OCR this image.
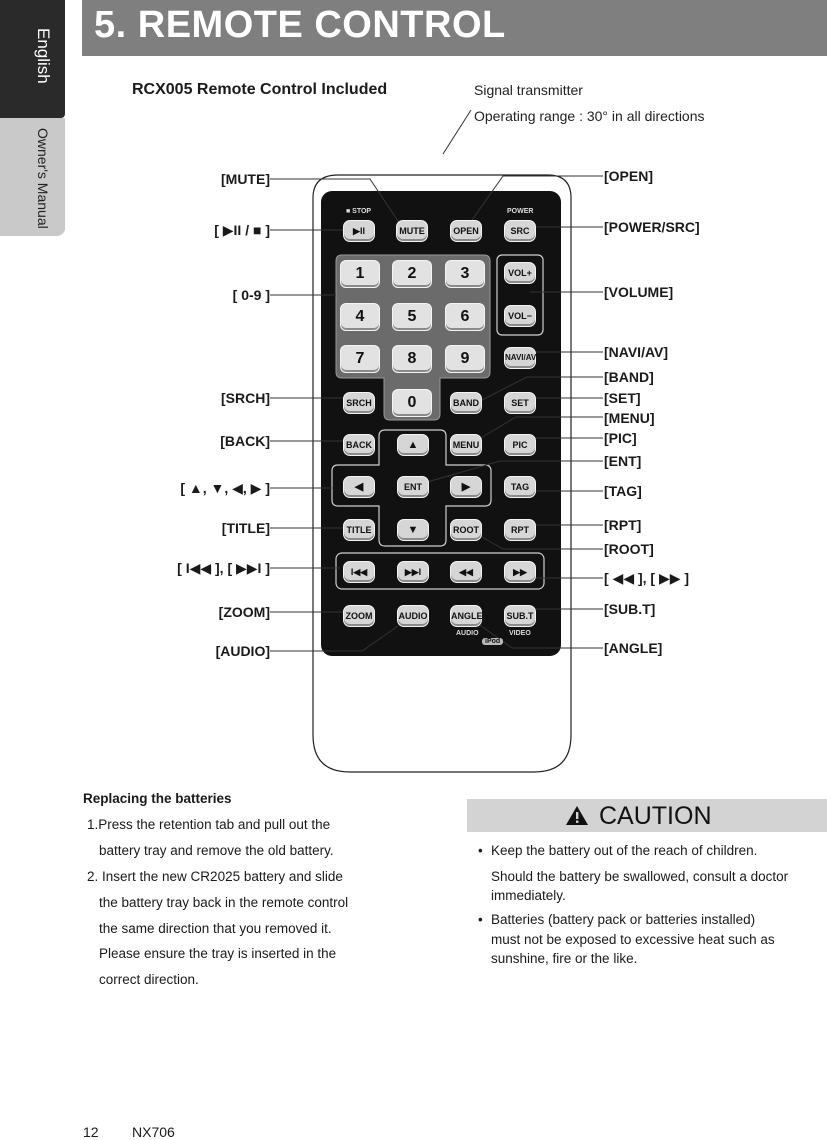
English
Owner's Manual
5. REMOTE CONTROL
RCX005 Remote Control Included	Signal transmitter
Operating range : 30° in all directions
■ STOP	POWER
▶II	MUTE	OPEN	SRC
1	2	3
4	5	6
7	8	9
0
VOL+
VOL−
NAVI/AV
SRCH	BAND	SET
BACK	▲	MENU	PIC
◀	ENT	▶	TAG
TITLE	▼	ROOT	RPT
I◀◀	▶▶I	◀◀	▶▶
ZOOM	AUDIO	ANGLE	SUB.T
AUDIO	VIDEO
iPod
[MUTE]
[ ▶II / ■ ]
[ 0-9 ]
[SRCH]
[BACK]
[ ▲, ▼, ◀, ▶ ]
[TITLE]
[ I◀◀ ], [ ▶▶I ]
[ZOOM]
[AUDIO]
[OPEN]
[POWER/SRC]
[VOLUME]
[NAVI/AV]
[BAND]
[SET]
[MENU]
[PIC]
[ENT]
[TAG]
[RPT]
[ROOT]
[ ◀◀ ], [ ▶▶ ]
[SUB.T]
[ANGLE]
Replacing the batteries
1.Press the retention tab and pull out the
battery tray and remove the old battery.
2. Insert the new CR2025 battery and slide
the battery tray back in the remote control
the same direction that you removed it.
Please ensure the tray is inserted in the
correct direction.
CAUTION
• Keep the battery out of the reach of children.
Should the battery be swallowed, consult a doctor
immediately.
• Batteries (battery pack or batteries installed)
must not be exposed to excessive heat such as
sunshine, fire or the like.
12 NX706
